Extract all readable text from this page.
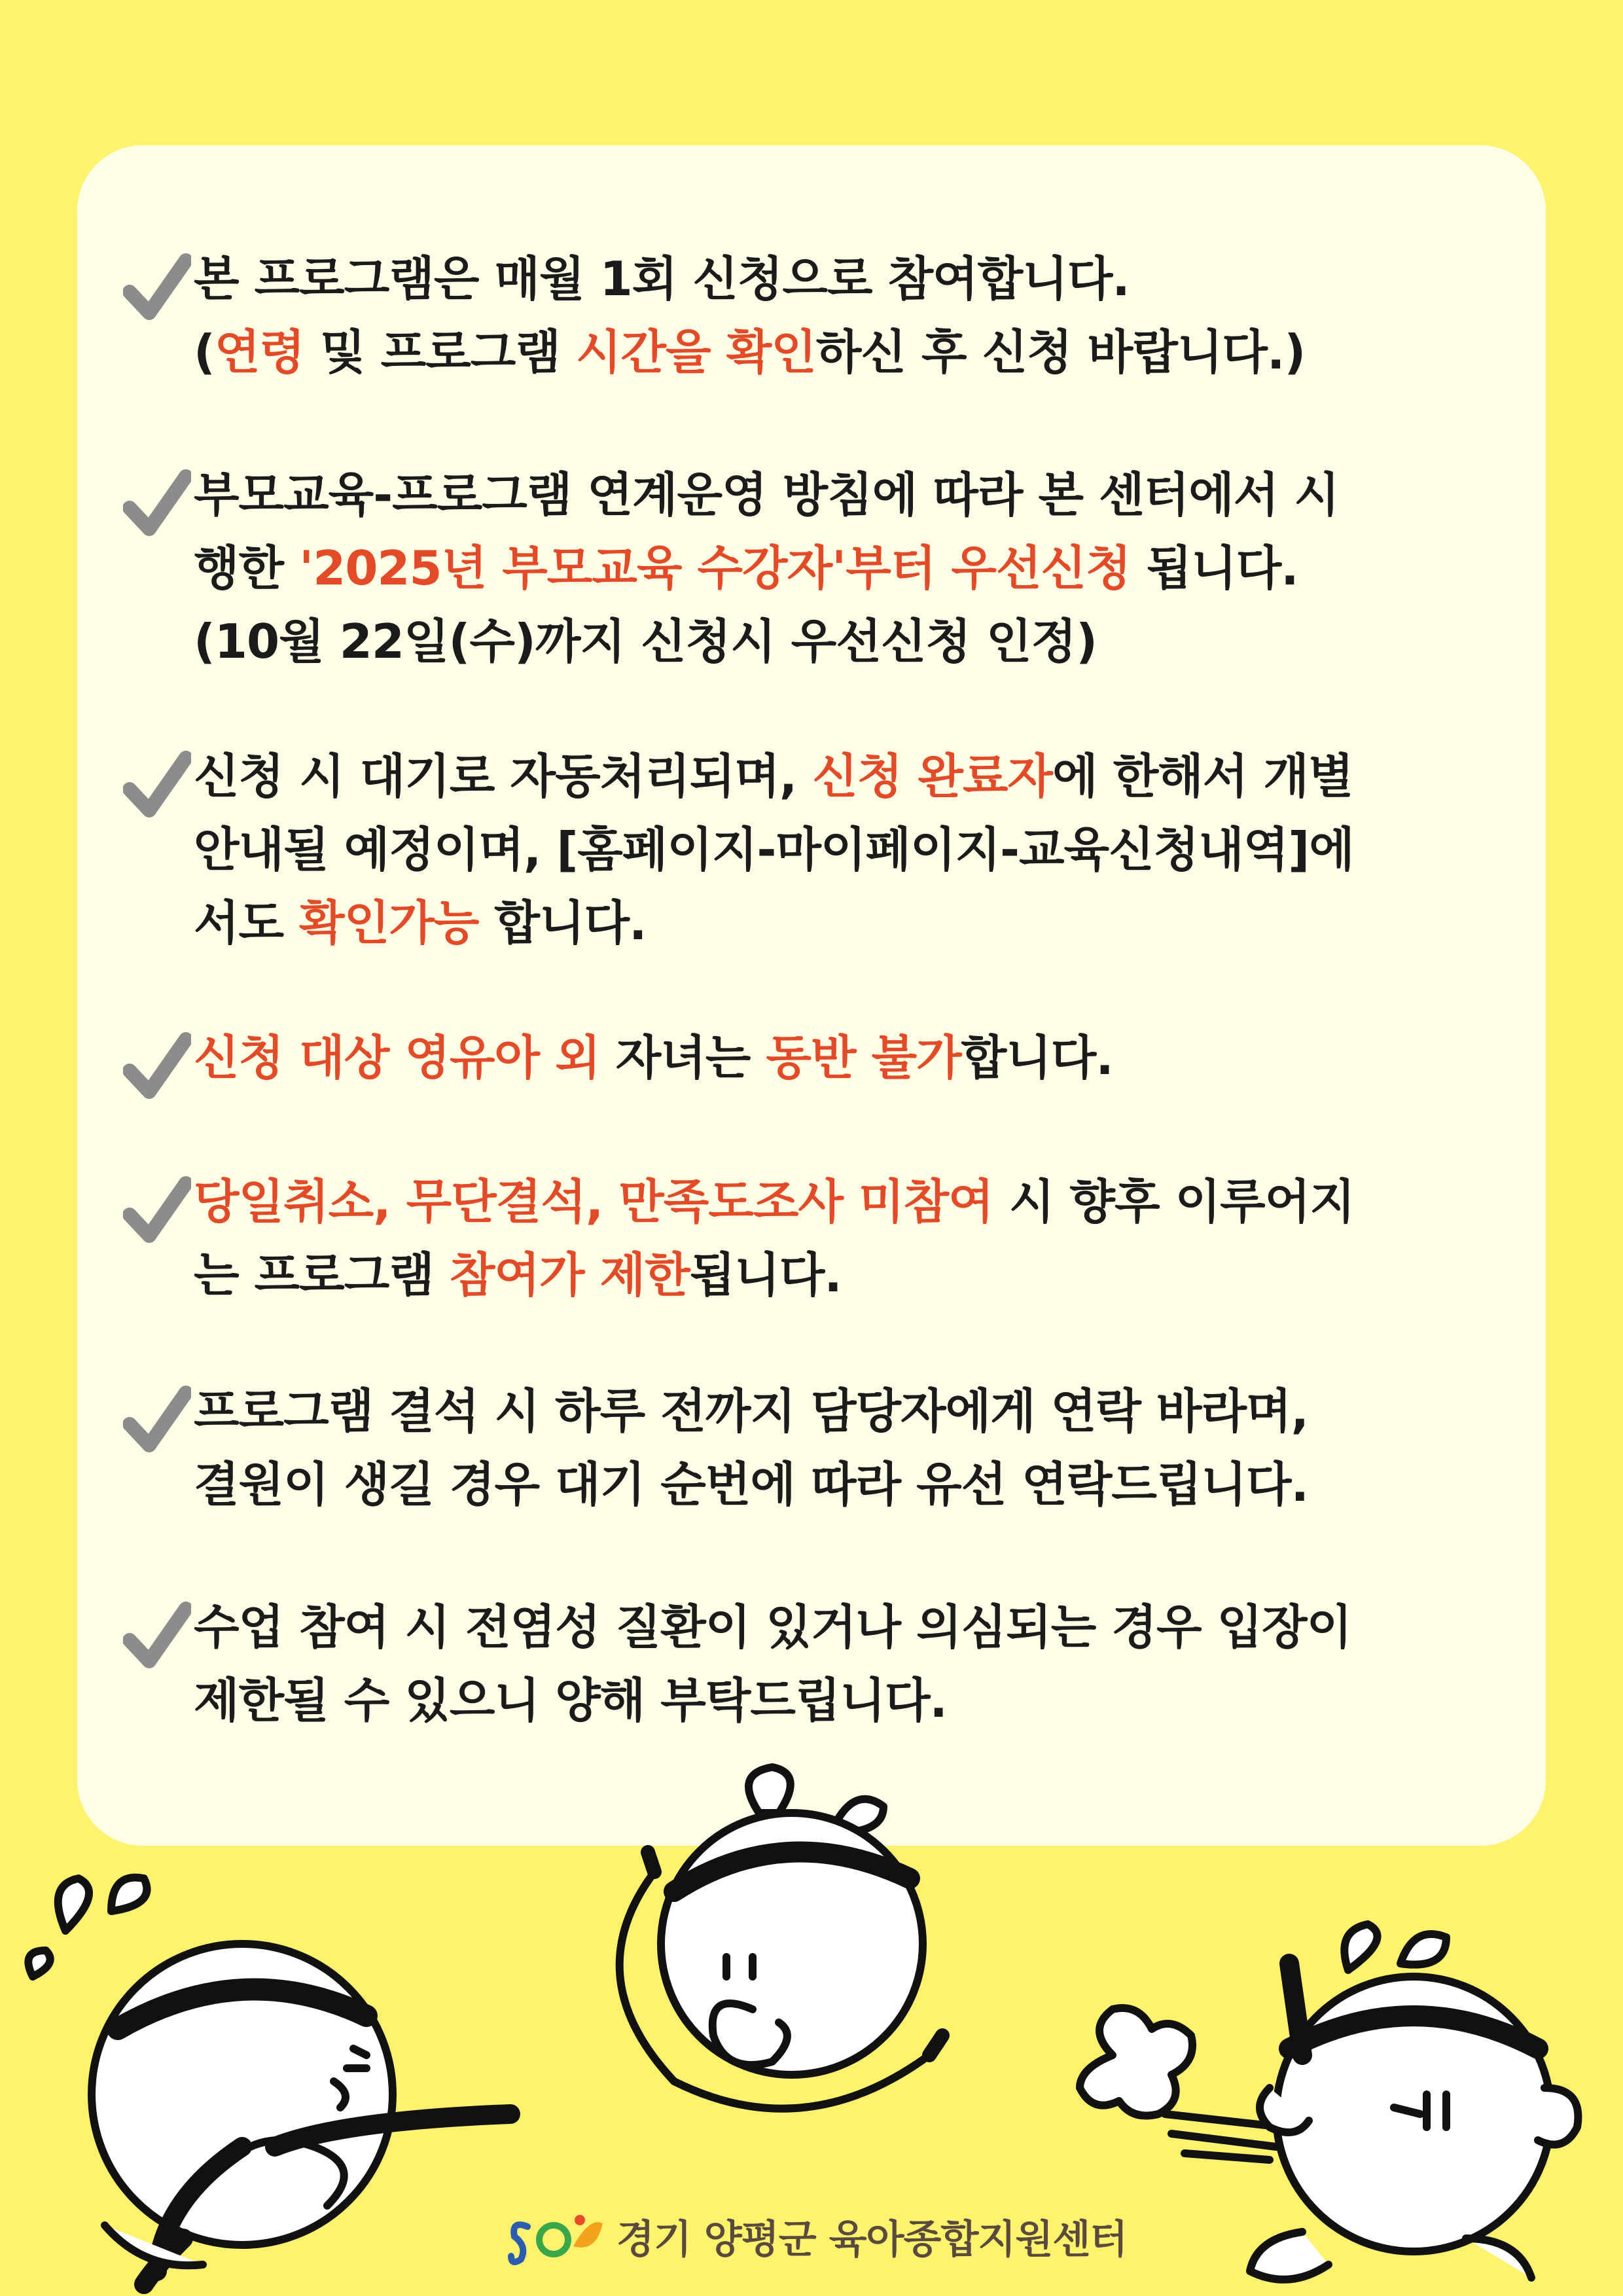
본 프로그램은 매월 1회 신청으로 참여합니다.
(연령 및 프로그램 시간을 확인하신 후 신청 바랍니다.)
부모교육-프로그램 연계운영 방침에 따라 본 센터에서 시
행한 '2025년 부모교육 수강자'부터 우선신청 됩니다.
(10월 22일(수)까지 신청시 우선신청 인정)
신청 시 대기로 자동처리되며, 신청 완료자에 한해서 개별
안내될 예정이며, [홈페이지-마이페이지-교육신청내역]에
서도 확인가능 합니다.
신청 대상 영유아 외 자녀는 동반 불가합니다.
당일취소, 무단결석, 만족도조사 미참여 시 향후 이루어지
는 프로그램 참여가 제한됩니다.
프로그램 결석 시 하루 전까지 담당자에게 연락 바라며,
결원이 생길 경우 대기 순번에 따라 유선 연락드립니다.
수업 참여 시 전염성 질환이 있거나 의심되는 경우 입장이
제한될 수 있으니 양해 부탁드립니다.
경기 양평군 육아종합지원센터
